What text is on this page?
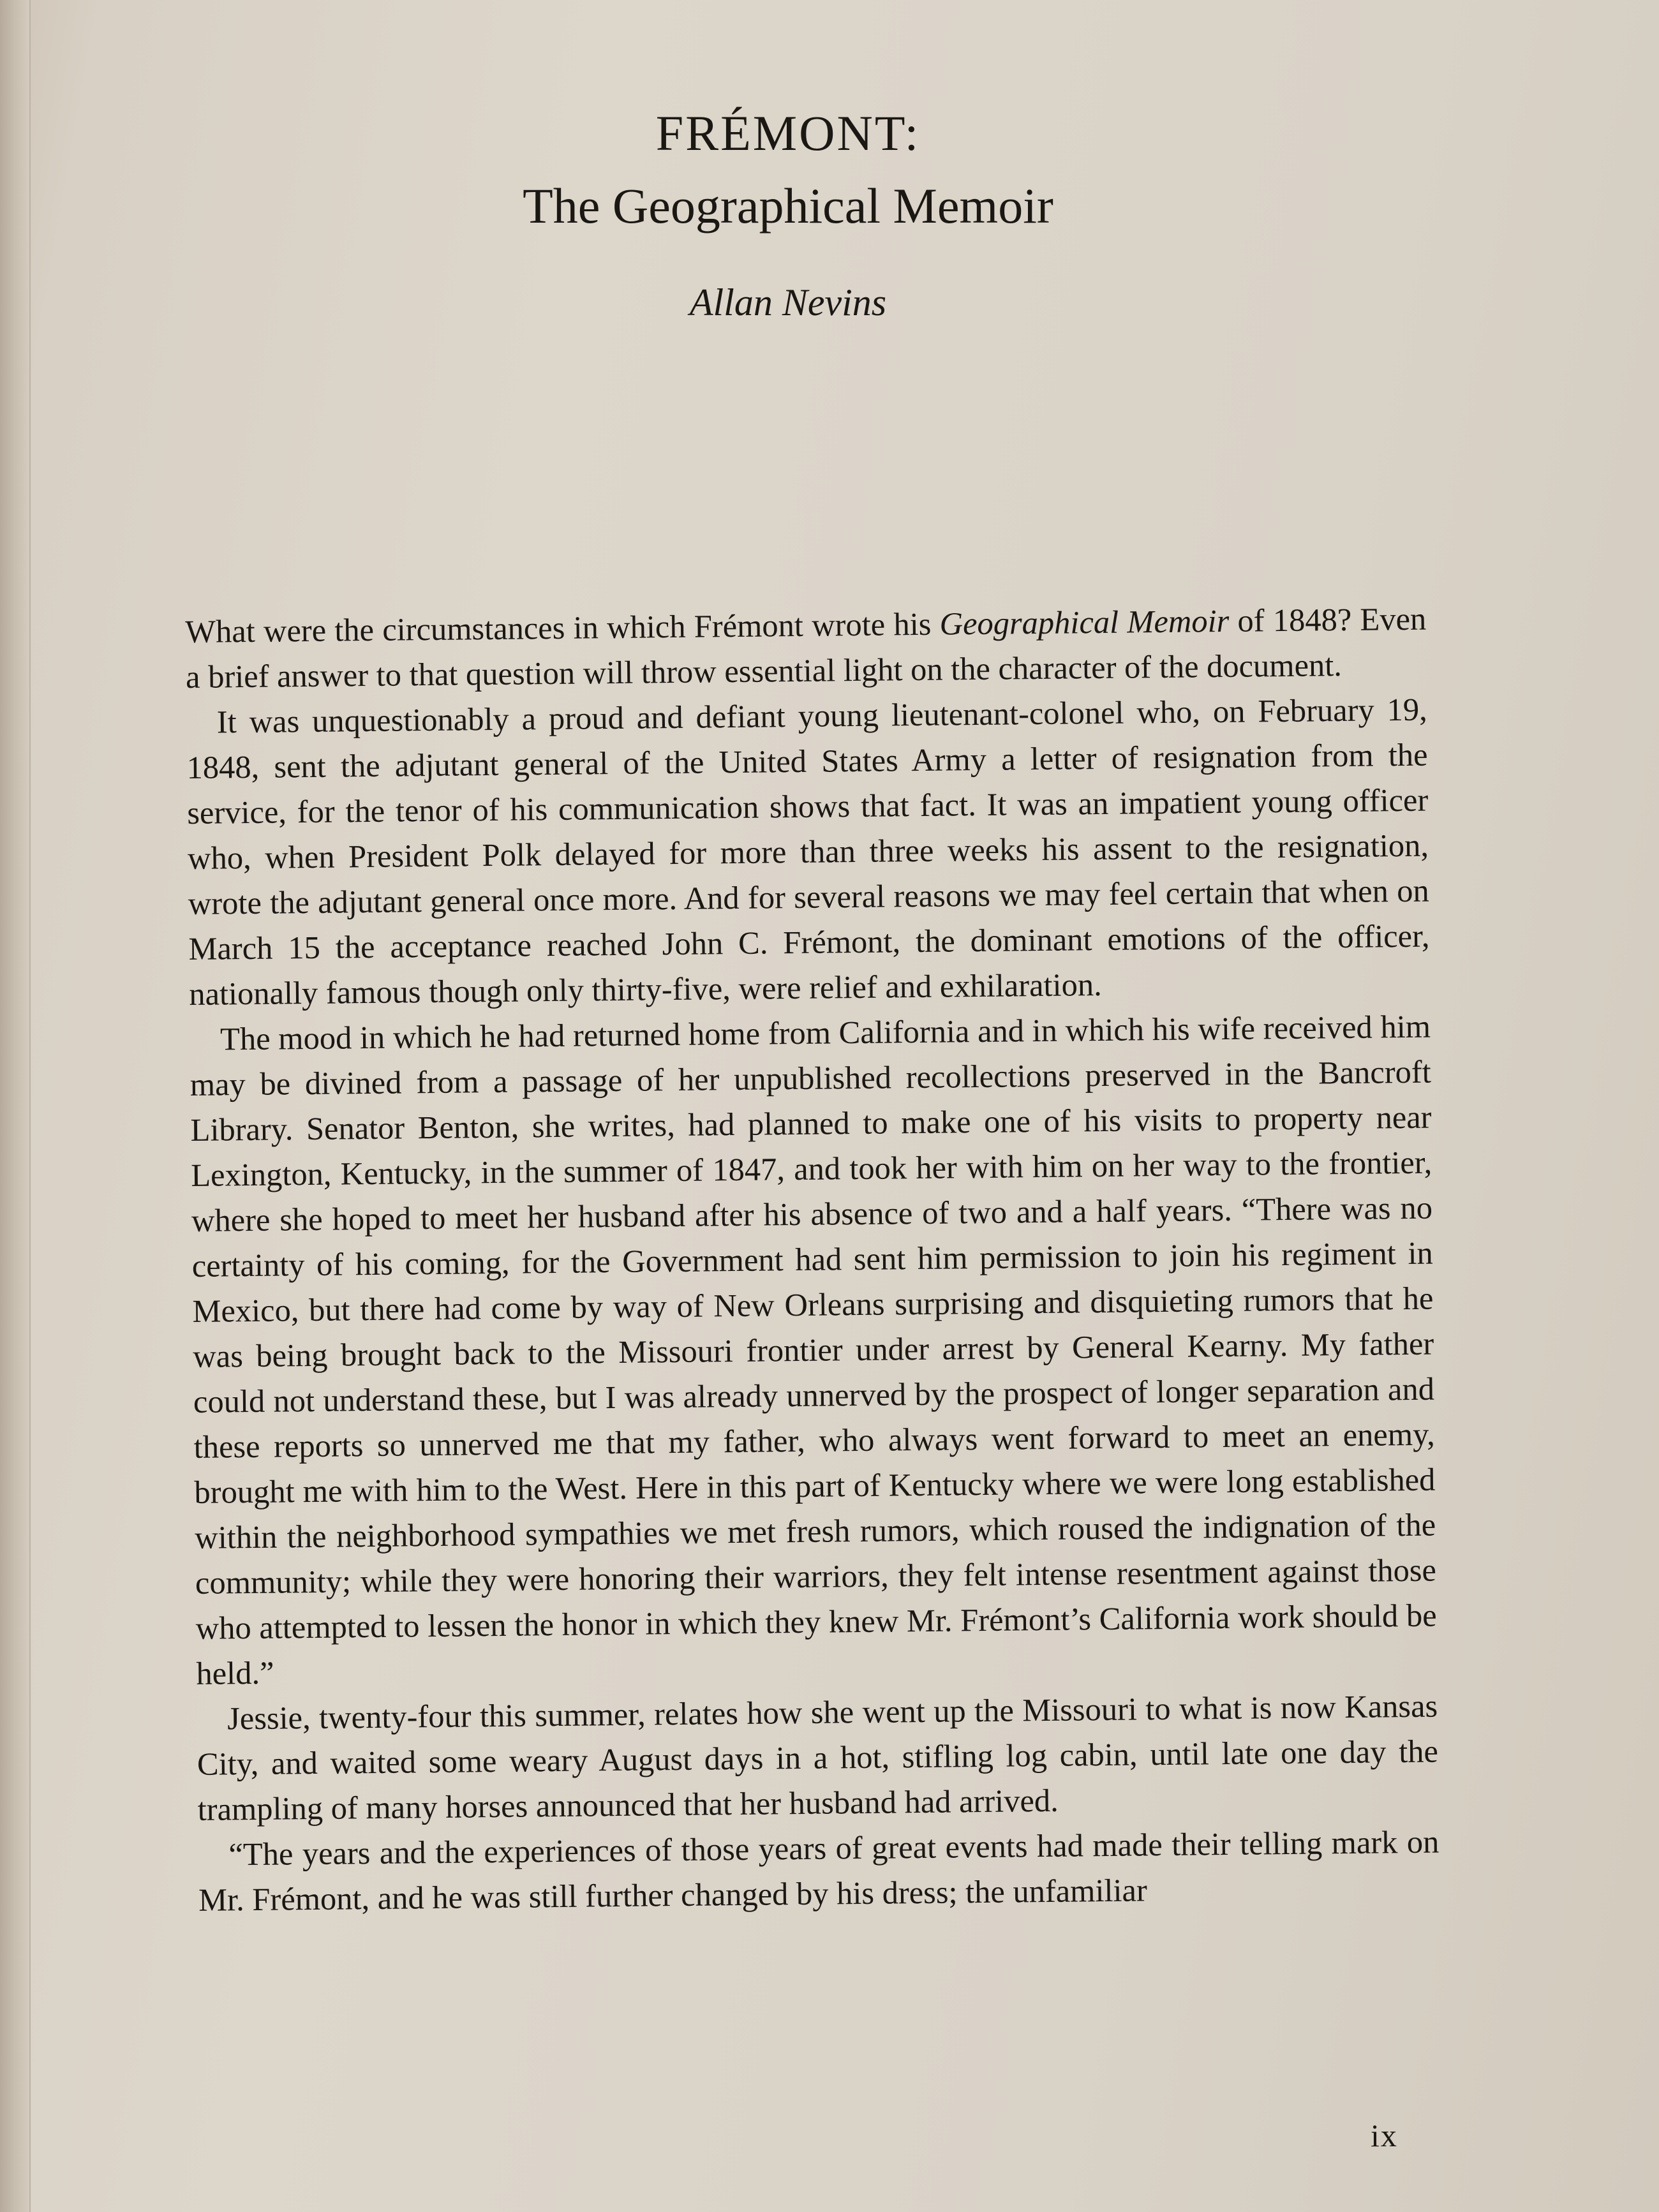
FRÉMONT:
The Geographical Memoir
Allan Nevins

What were the circumstances in which Frémont wrote his Geographical Memoir of 1848? Even a brief answer to that question will throw essential light on the character of the document.

It was unquestionably a proud and defiant young lieutenant-colonel who, on February 19, 1848, sent the adjutant general of the United States Army a letter of resignation from the service, for the tenor of his communication shows that fact. It was an impatient young officer who, when President Polk delayed for more than three weeks his assent to the resignation, wrote the adjutant general once more. And for several reasons we may feel certain that when on March 15 the acceptance reached John C. Frémont, the dominant emotions of the officer, nationally famous though only thirty-five, were relief and exhilaration.

The mood in which he had returned home from California and in which his wife received him may be divined from a passage of her unpublished recollections preserved in the Bancroft Library. Senator Benton, she writes, had planned to make one of his visits to property near Lexington, Kentucky, in the summer of 1847, and took her with him on her way to the frontier, where she hoped to meet her husband after his absence of two and a half years. “There was no certainty of his coming, for the Government had sent him permission to join his regiment in Mexico, but there had come by way of New Orleans surprising and disquieting rumors that he was being brought back to the Missouri frontier under arrest by General Kearny. My father could not understand these, but I was already unnerved by the prospect of longer separation and these reports so unnerved me that my father, who always went forward to meet an enemy, brought me with him to the West. Here in this part of Kentucky where we were long established within the neighborhood sympathies we met fresh rumors, which roused the indignation of the community; while they were honoring their warriors, they felt intense resentment against those who attempted to lessen the honor in which they knew Mr. Frémont’s California work should be held.”

Jessie, twenty-four this summer, relates how she went up the Missouri to what is now Kansas City, and waited some weary August days in a hot, stifling log cabin, until late one day the trampling of many horses announced that her husband had arrived.

“The years and the experiences of those years of great events had made their telling mark on Mr. Frémont, and he was still further changed by his dress; the unfamiliar

ix
